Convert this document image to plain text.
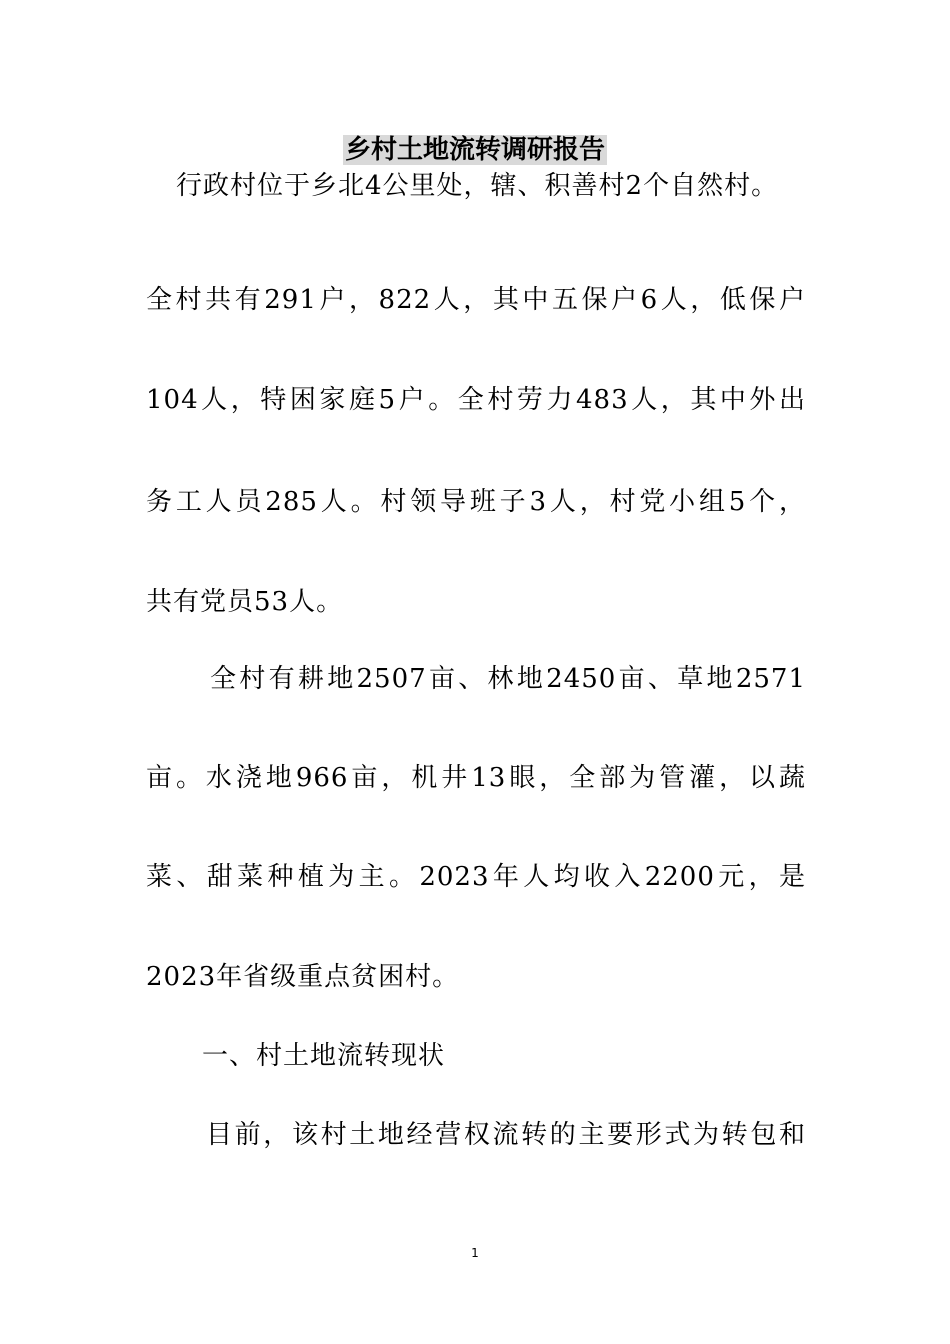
乡村土地流转调研报告
行政村位于乡北4公里处，辖、积善村2个自然村。
全村共有291户，822人，其中五保户6人，低保户
104人，特困家庭5户。全村劳力483人，其中外出
务工人员285人。村领导班子3人，村党小组5个，
共有党员53人。
全村有耕地2507亩、林地2450亩、草地2571
亩。水浇地966亩，机井13眼，全部为管灌，以蔬
菜、甜菜种植为主。2023年人均收入2200元，是
2023年省级重点贫困村。
一、村土地流转现状
目前，该村土地经营权流转的主要形式为转包和
1
